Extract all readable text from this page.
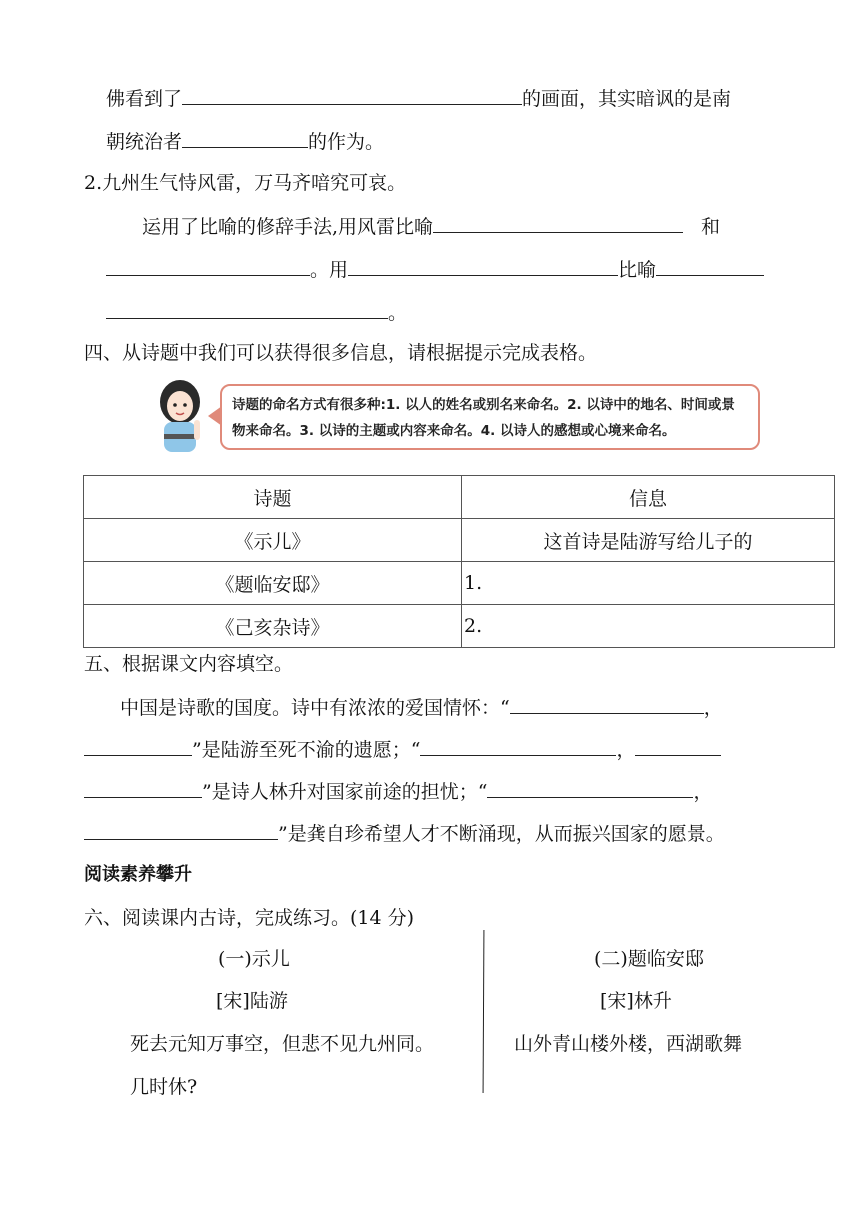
佛看到了	的画面，其实暗讽的是南
朝统治者	的作为。
2.九州生气恃风雷，万马齐喑究可哀。
运用了比喻的修辞手法,用风雷比喻	和
。用	比喻
。
四、从诗题中我们可以获得很多信息，请根据提示完成表格。
诗题的命名方式有很多种:1. 以人的姓名或别名来命名。2. 以诗中的地名、时间或景物来命名。3. 以诗的主题或内容来命名。4. 以诗人的感想或心境来命名。
诗题	信息
《示儿》	这首诗是陆游写给儿子的
《题临安邸》	1.
《己亥杂诗》	2.
五、根据课文内容填空。
中国是诗歌的国度。诗中有浓浓的爱国情怀：“	，
”是陆游至死不渝的遗愿；“	，
”是诗人林升对国家前途的担忧；“	，
”是龚自珍希望人才不断涌现，从而振兴国家的愿景。
阅读素养攀升
六、阅读课内古诗，完成练习。(14 分)
(一)示儿
[宋]陆游
死去元知万事空，但悲不见九州同。
几时休?
(二)题临安邸
[宋]林升
山外青山楼外楼，西湖歌舞
